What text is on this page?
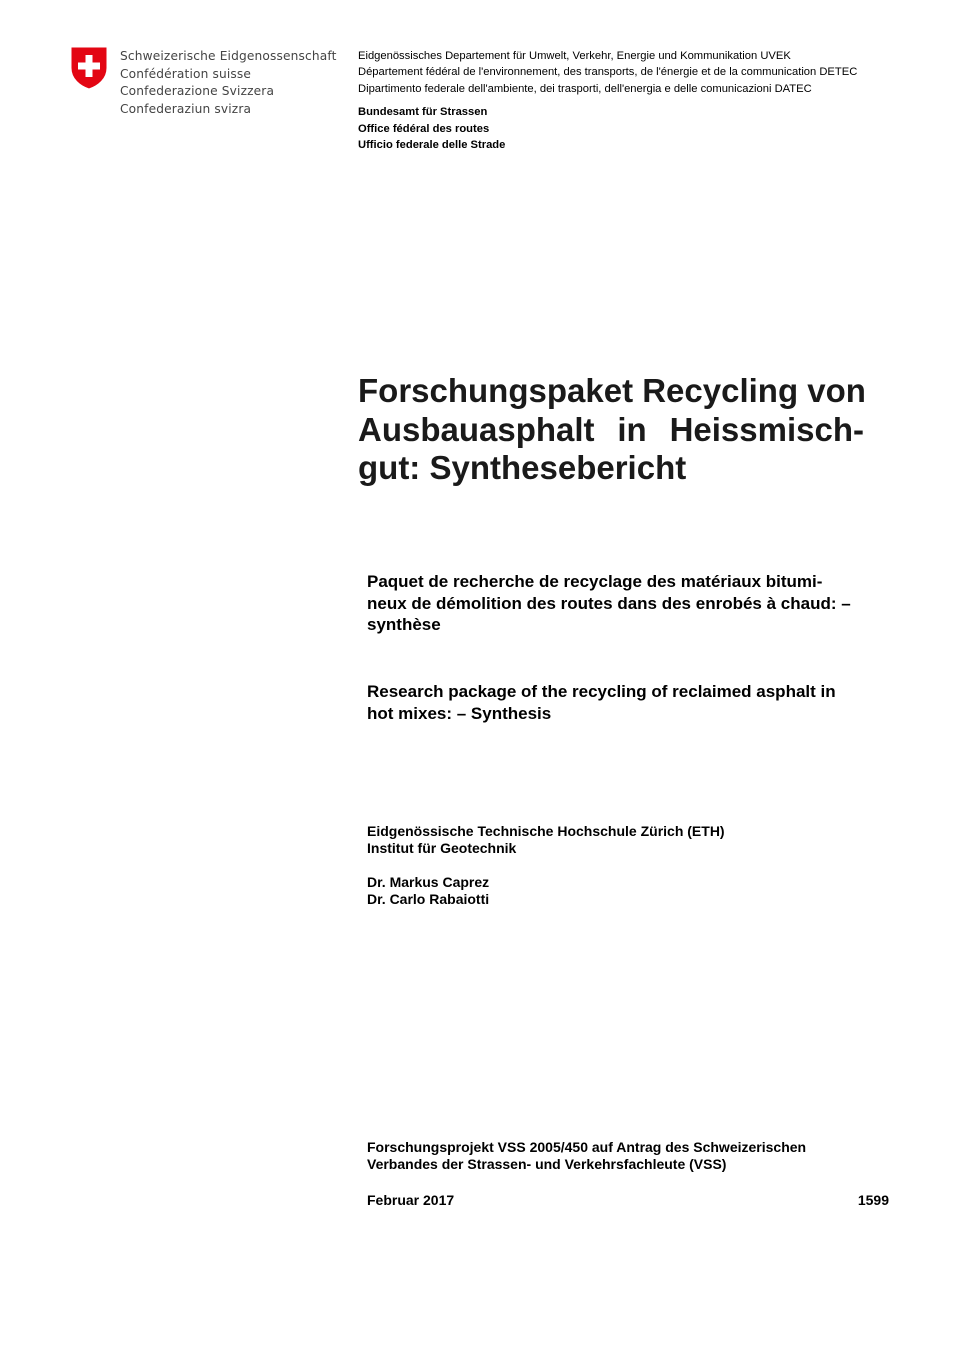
Schweizerische Eidgenossenschaft
Confédération suisse
Confederazione Svizzera
Confederaziun svizra
Eidgenössisches Departement für Umwelt, Verkehr, Energie und Kommunikation UVEK
Département fédéral de l'environnement, des transports, de l'énergie et de la communication DETEC
Dipartimento federale dell'ambiente, dei trasporti, dell'energia e delle comunicazioni DATEC
Bundesamt für Strassen
Office fédéral des routes
Ufficio federale delle Strade
Forschungspaket Recycling von
Ausbauasphalt in Heissmisch-
gut: Synthesebericht
Paquet de recherche de recyclage des matériaux bitumi-
neux de démolition des routes dans des enrobés à chaud: –
synthèse
Research package of the recycling of reclaimed asphalt in
hot mixes: – Synthesis
Eidgenössische Technische Hochschule Zürich (ETH)
Institut für Geotechnik
Dr. Markus Caprez
Dr. Carlo Rabaiotti
Forschungsprojekt VSS 2005/450 auf Antrag des Schweizerischen
Verbandes der Strassen- und Verkehrsfachleute (VSS)
Februar 2017	1599
